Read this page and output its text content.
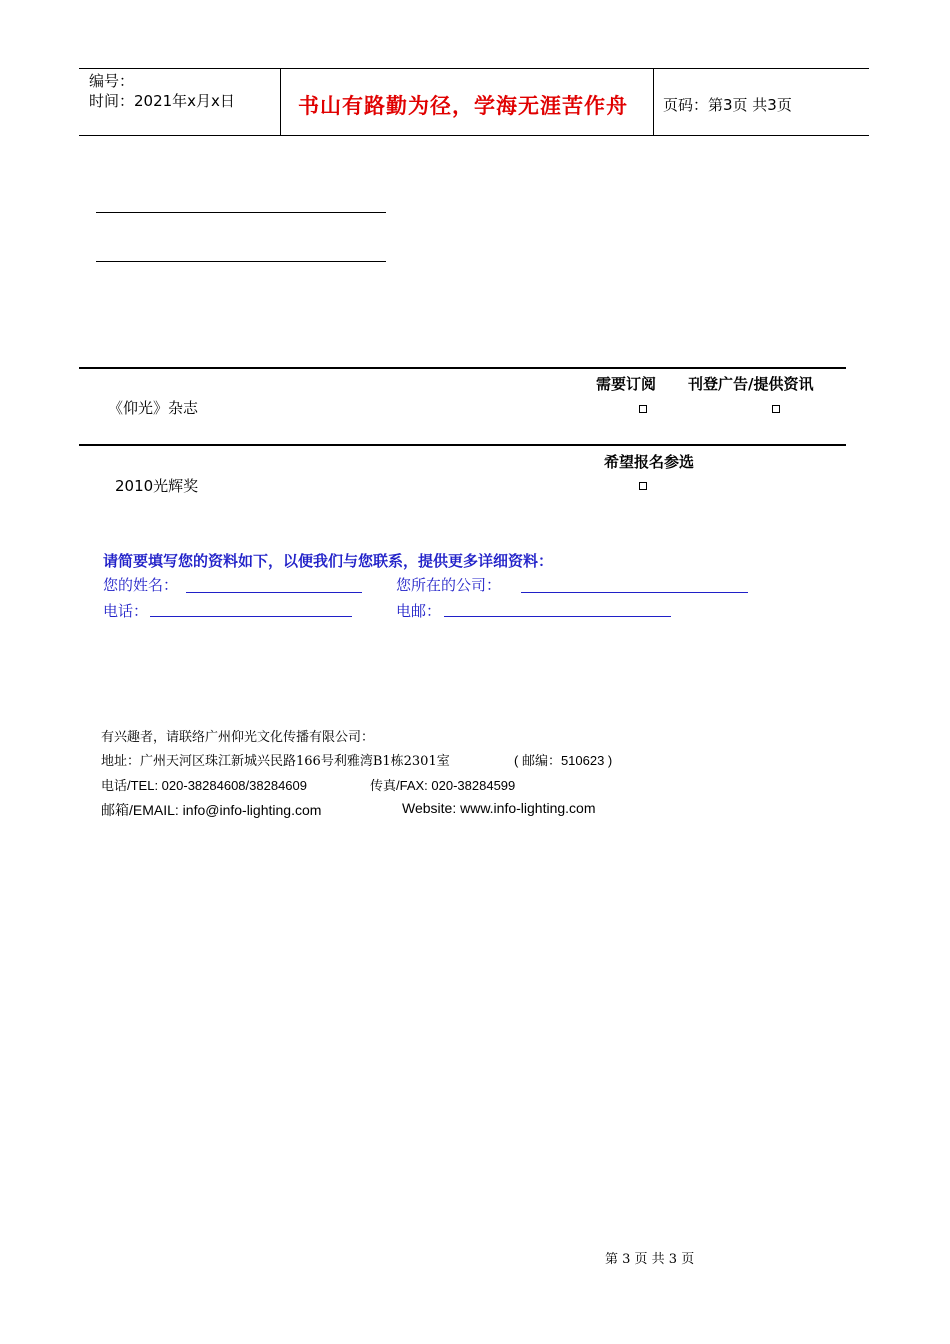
编号：
时间：2021年x月x日	书山有路勤为径，学海无涯苦作舟 页码：第3页 共3页
需要订阅 刊登广告/提供资讯
《仰光》杂志
希望报名参选
2010光辉奖
请简要填写您的资料如下，以便我们与您联系，提供更多详细资料：
您的姓名：	您所在的公司：
电话：	电邮：
有兴趣者，请联络广州仰光文化传播有限公司：
地址：广州天河区珠江新城兴民路166号利雅湾B1栋2301室	( 邮编：510623 )
电话/TEL: 020-38284608/38284609	传真/FAX: 020-38284599
邮箱/EMAIL: info@info-lighting.com	Website: www.info-lighting.com
第 3 页 共 3 页
